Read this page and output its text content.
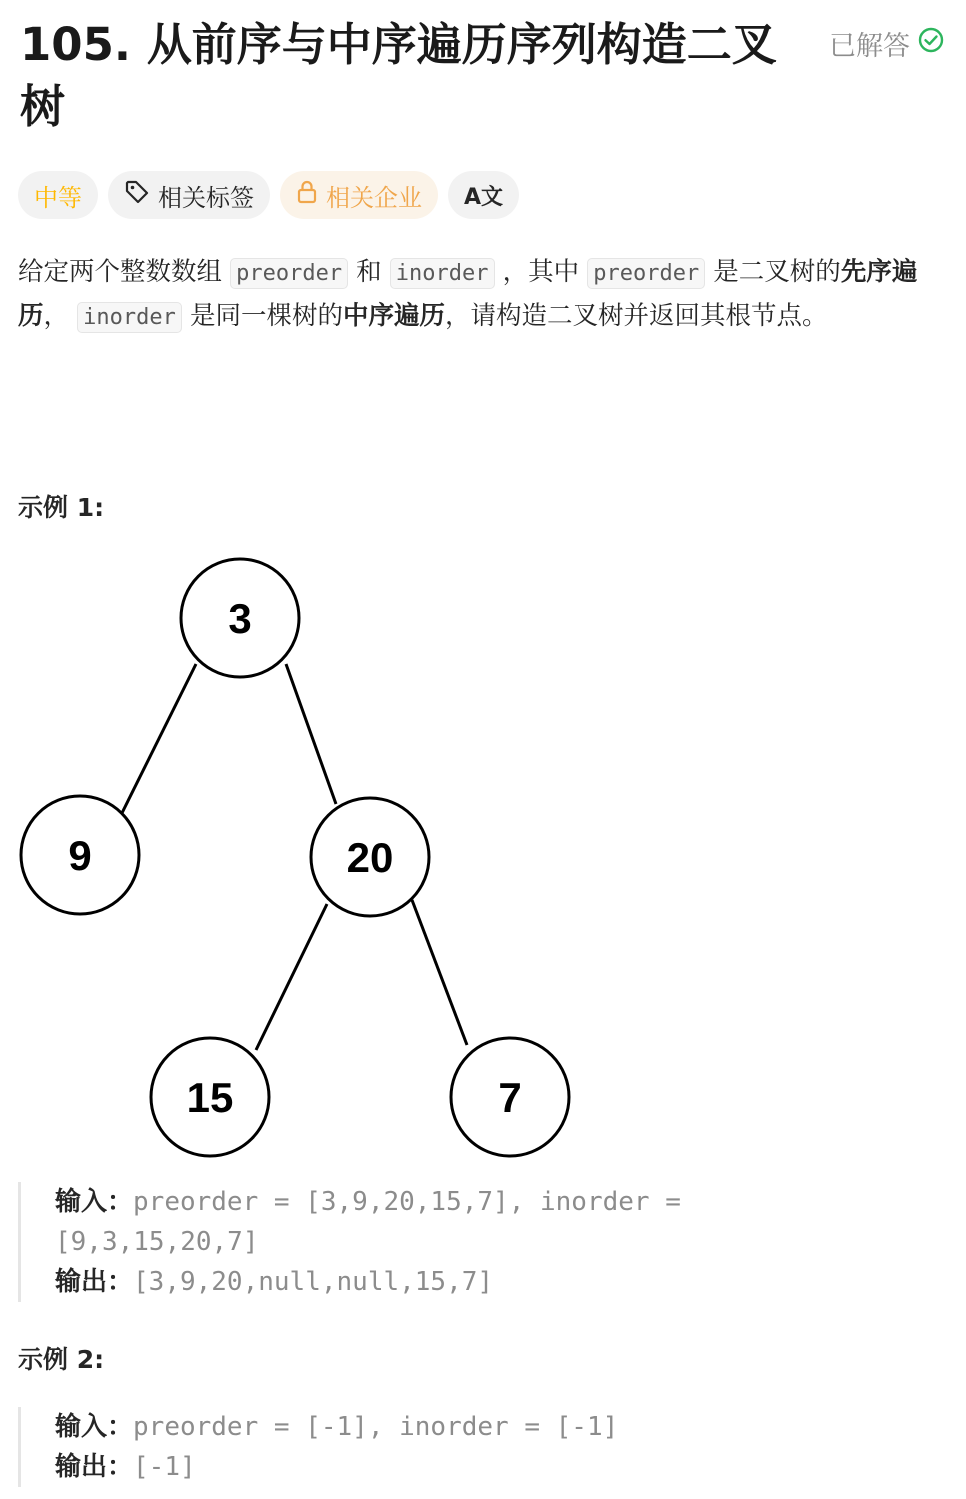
105. 从前序与中序遍历序列构造二叉树
已解答
中等	相关标签	相关企业 A文

给定两个整数数组 preorder 和 inorder ，其中 preorder 是二叉树的先序遍历， inorder 是同一棵树的中序遍历，请构造二叉树并返回其根节点。

示例 1:
3
9	20
15	7
输入：preorder = [3,9,20,15,7], inorder = [9,3,15,20,7]
输出：[3,9,20,null,null,15,7]
示例 2:
输入：preorder = [-1], inorder = [-1]
输出：[-1]
